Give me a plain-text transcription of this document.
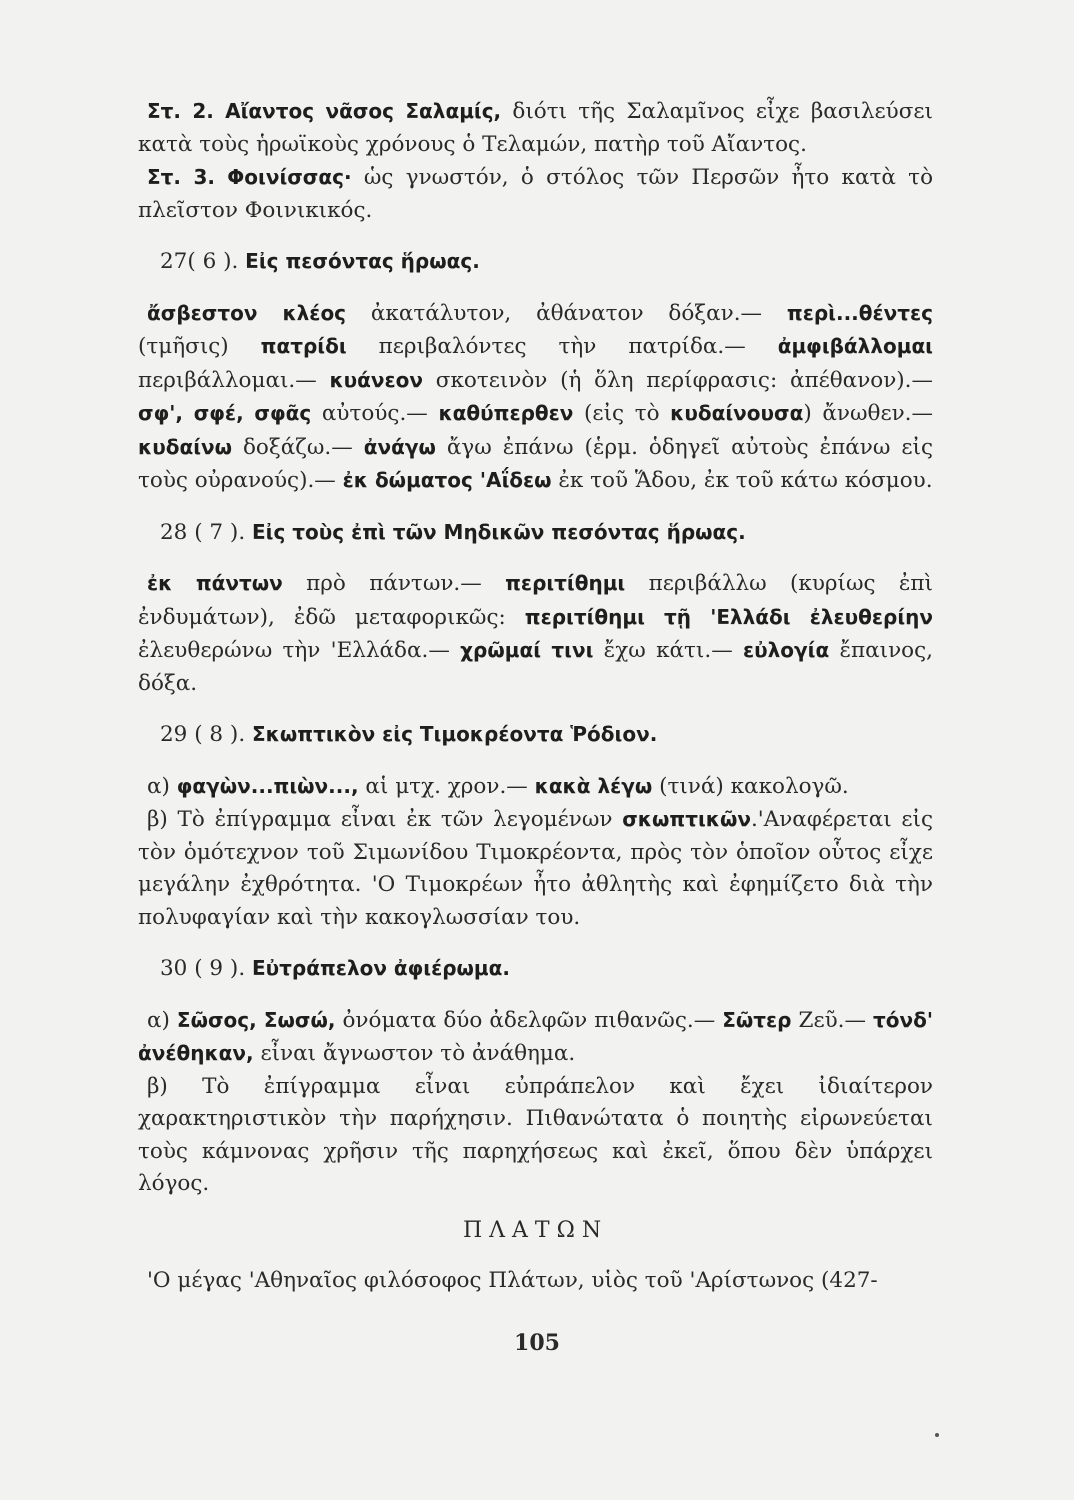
Στ. 2. Αἴαντος νᾶσος Σαλαμίς, διότι τῆς Σαλαμῖνος εἶχε βασιλεύσει κατὰ τοὺς ἡρωϊκοὺς χρόνους ὁ Τελαμών, πατὴρ τοῦ Αἴαντος.

Στ. 3. Φοινίσσας· ὡς γνωστόν, ὁ στόλος τῶν Περσῶν ἦτο κατὰ τὸ πλεῖστον Φοινικικός.

27( 6 ). Εἰς πεσόντας ἥρωας.

ἄσβεστον κλέος ἀκατάλυτον, ἀθάνατον δόξαν.— περὶ...θέντες (τμῆσις) πατρίδι περιβαλόντες τὴν πατρίδα.— ἀμφιβάλλομαι περιβάλλομαι.— κυάνεον σκοτεινὸν (ἡ ὅλη περίφρασις: ἀπέθανον).— σφ', σφέ, σφᾶς αὐτούς.— καθύπερθεν (εἰς τὸ κυδαίνουσα) ἄνωθεν.— κυδαίνω δοξάζω.— ἀνάγω ἄγω ἐπάνω (ἑρμ. ὁδηγεῖ αὐτοὺς ἐπάνω εἰς τοὺς οὐρανούς).— ἐκ δώματος 'Αΐδεω ἐκ τοῦ Ἅδου, ἐκ τοῦ κάτω κόσμου.

28 ( 7 ). Εἰς τοὺς ἐπὶ τῶν Μηδικῶν πεσόντας ἥρωας.

ἐκ πάντων πρὸ πάντων.— περιτίθημι περιβάλλω (κυρίως ἐπὶ ἐνδυμάτων), ἐδῶ μεταφορικῶς: περιτίθημι τῇ 'Ελλάδι ἐλευθερίην ἐλευθερώνω τὴν 'Ελλάδα.— χρῶμαί τινι ἔχω κάτι.— εὐλογία ἔπαινος, δόξα.

29 ( 8 ). Σκωπτικὸν εἰς Τιμοκρέοντα Ῥόδιον.

α) φαγὼν...πιὼν..., αἱ μτχ. χρον.— κακὰ λέγω (τινά) κακολογῶ.

β) Τὸ ἐπίγραμμα εἶναι ἐκ τῶν λεγομένων σκωπτικῶν.'Αναφέρεται εἰς τὸν ὁμότεχνον τοῦ Σιμωνίδου Τιμοκρέοντα, πρὸς τὸν ὁποῖον οὗτος εἶχε μεγάλην ἐχθρότητα. 'Ο Τιμοκρέων ἦτο ἀθλητὴς καὶ ἐφημίζετο διὰ τὴν πολυφαγίαν καὶ τὴν κακογλωσσίαν του.

30 ( 9 ). Εὐτράπελον ἀφιέρωμα.

α) Σῶσος, Σωσώ, ὀνόματα δύο ἀδελφῶν πιθανῶς.— Σῶτερ Ζεῦ.— τόνδ' ἀνέθηκαν, εἶναι ἄγνωστον τὸ ἀνάθημα.

β) Τὸ ἐπίγραμμα εἶναι εὐπράπελον καὶ ἔχει ἰδιαίτερον χαρακτηριστικὸν τὴν παρήχησιν. Πιθανώτατα ὁ ποιητὴς εἰρωνεύεται τοὺς κάμνονας χρῆσιν τῆς παρηχήσεως καὶ ἐκεῖ, ὅπου δὲν ὑπάρχει λόγος.

ΠΛΑΤΩΝ

'Ο μέγας 'Αθηναῖος φιλόσοφος Πλάτων, υἱὸς τοῦ 'Αρίστωνος (427-

105
